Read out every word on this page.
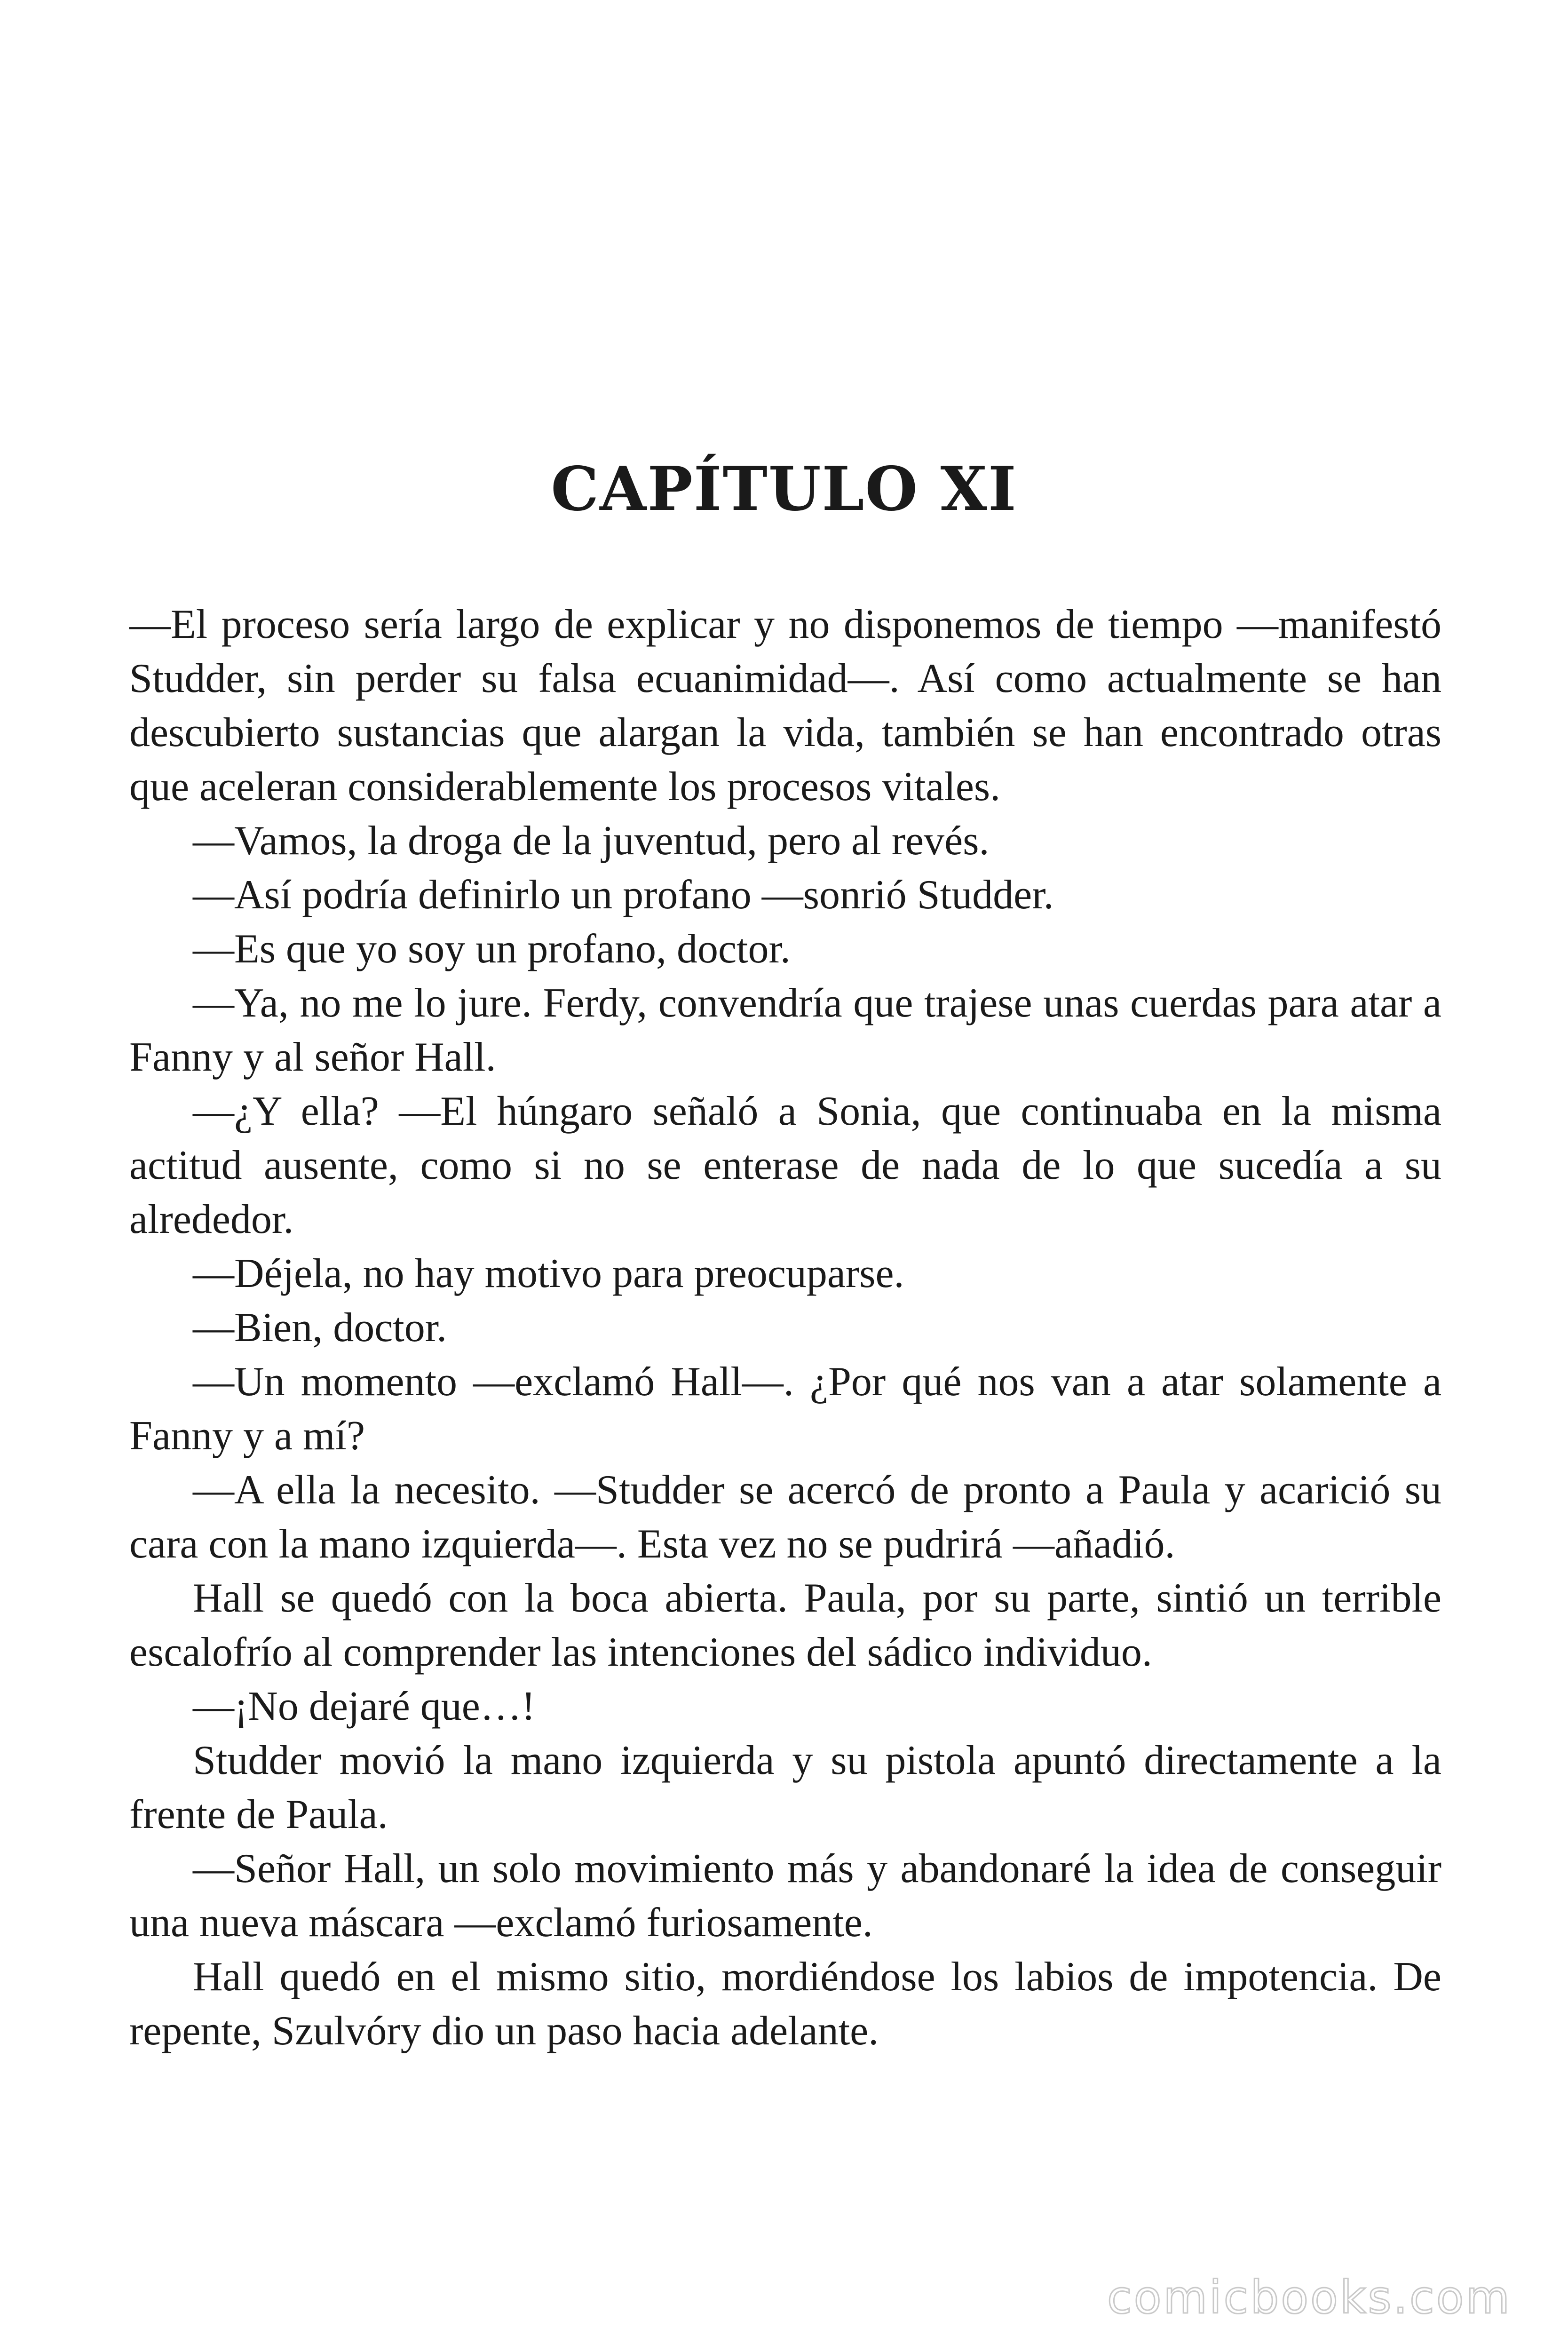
CAPÍTULO XI

—El proceso sería largo de explicar y no disponemos de tiempo —manifestó Studder, sin perder su falsa ecuanimidad—. Así como actualmente se han descubierto sustancias que alargan la vida, también se han encontrado otras que aceleran considerablemente los procesos vitales.

—Vamos, la droga de la juventud, pero al revés.

—Así podría definirlo un profano —sonrió Studder.

—Es que yo soy un profano, doctor.

—Ya, no me lo jure. Ferdy, convendría que trajese unas cuerdas para atar a Fanny y al señor Hall.

—¿Y ella? —El húngaro señaló a Sonia, que continuaba en la misma actitud ausente, como si no se enterase de nada de lo que sucedía a su alrededor.

—Déjela, no hay motivo para preocuparse.

—Bien, doctor.

—Un momento —exclamó Hall—. ¿Por qué nos van a atar solamente a Fanny y a mí?

—A ella la necesito. —Studder se acercó de pronto a Paula y acarició su cara con la mano izquierda—. Esta vez no se pudrirá —añadió.

Hall se quedó con la boca abierta. Paula, por su parte, sintió un terrible escalofrío al comprender las intenciones del sádico individuo.

—¡No dejaré que…!

Studder movió la mano izquierda y su pistola apuntó directamente a la frente de Paula.

—Señor Hall, un solo movimiento más y abandonaré la idea de conseguir una nueva máscara —exclamó furiosamente.

Hall quedó en el mismo sitio, mordiéndose los labios de impotencia. De repente, Szulvóry dio un paso hacia adelante.

comicbooks.com
